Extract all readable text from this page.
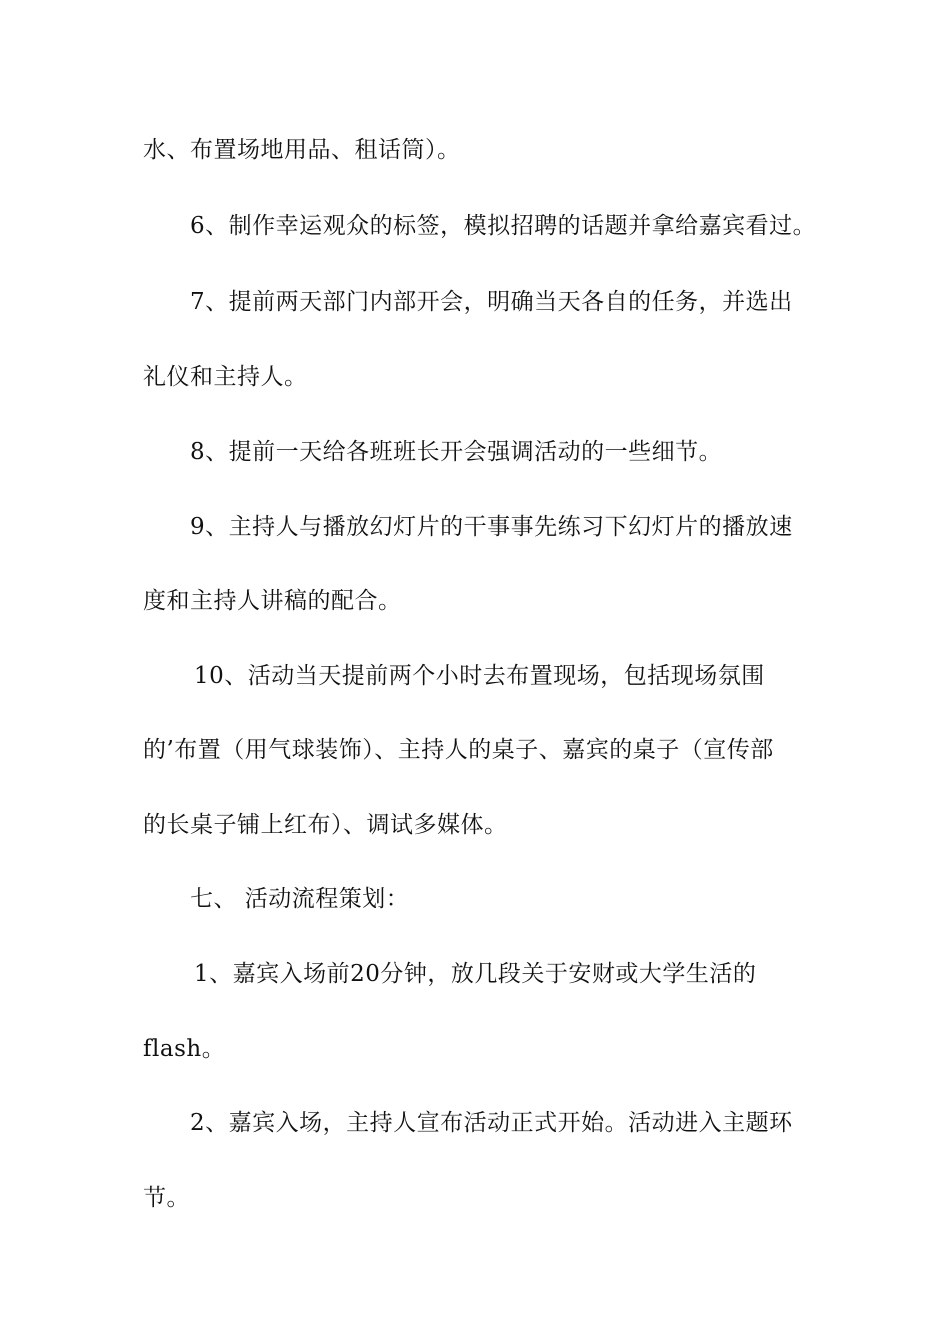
水、布置场地用品、租话筒）。
6、制作幸运观众的标签，模拟招聘的话题并拿给嘉宾看过。
7、提前两天部门内部开会，明确当天各自的任务，并选出
礼仪和主持人。
8、提前一天给各班班长开会强调活动的一些细节。
9、主持人与播放幻灯片的干事事先练习下幻灯片的播放速
度和主持人讲稿的配合。
10、活动当天提前两个小时去布置现场，包括现场氛围
的’布置（用气球装饰）、主持人的桌子、嘉宾的桌子（宣传部
的长桌子铺上红布）、调试多媒体。
七、 活动流程策划：
1、嘉宾入场前20分钟，放几段关于安财或大学生活的
flash。
2、嘉宾入场，主持人宣布活动正式开始。活动进入主题环
节。
